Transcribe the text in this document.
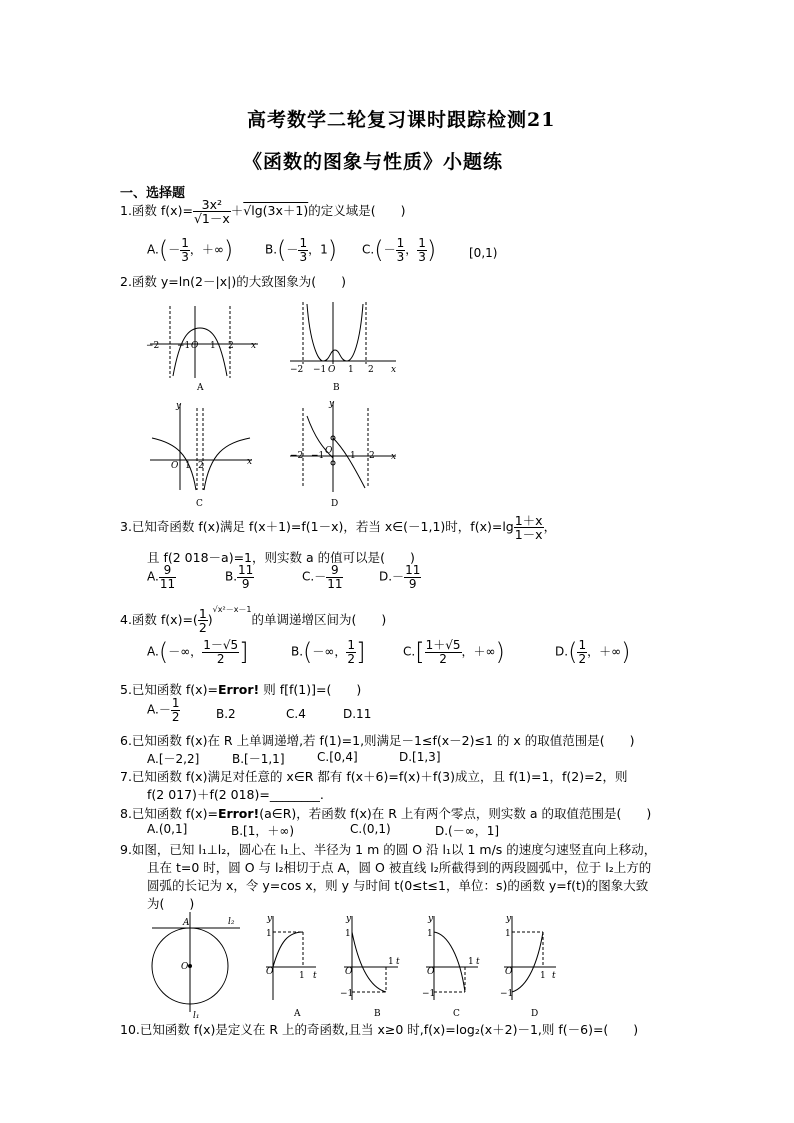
高考数学二轮复习课时跟踪检测21
《函数的图象与性质》小题练
一、选择题
1.函数 $f(x)= \frac{\text{3x²}}{√1-x} +√\lg(3x+1)$的定义域是(　　)
$A.(- \frac{1}{3}$ ，＋∞)	$B.(- \frac{1}{3}$ ，1) $C.(- \frac{1}{3}$ ， $\frac{1}{3}$ )	[0,1)
2.函数 y=ln(2－|x|)的大致图象为(　　)
−2 −1 O 1 2 x
A
−2 −1 O 1 2 x
B
O 1 2	x
y
C
−2 −1 O 1 2 x
y
D
3.已知奇函数 f(x)满足 f(x＋1)=f(1－x)，若当 x∈(－1,1)时，$f(x)=\lg \frac{1+x}{1-x}$ ，
且 f(2 018－a)=1，则实数 a 的值可以是(　　)
A. $\frac{9}{11}$	B. $\frac{11}{9}$	$C.- \frac{9}{11}$	$D.- \frac{11}{9}$
4.函数 $f(x)=( \frac{1}{2} )^{√x^2-x-1}$的单调递增区间为(　　)
A.(－∞， $\frac{1-√5}{2}$ ]	B.(－∞， $\frac{1}{2}$ ]	$C.[ \frac{1+√5}{2}$ ，＋∞)	$D.( \frac{1}{2}$ ，＋∞)
5.已知函数 f(x)=Error! 则 f[f(1)]=(　　)
$A.- \frac{1}{2}$	B.2	C.4	D.11
6.已知函数 f(x)在 R 上单调递增,若 f(1)=1,则满足－1≤f(x－2)≤1 的 x 的取值范围是(　　)
A.[－2,2]	B.[－1,1]	C.[0,4]	D.[1,3]
7.已知函数 f(x)满足对任意的 x∈R 都有 f(x＋6)=f(x)＋f(3)成立，且 f(1)=1，f(2)=2，则
f(2 017)＋f(2 018)=________.
8.已知函数 f(x)=Error!(a∈R)，若函数 f(x)在 R 上有两个零点，则实数 a 的取值范围是(　　)
A.(0,1]	B.[1，＋∞)	C.(0,1)	D.(－∞，1]
9.如图，已知 l₁⊥l₂，圆心在 l₁上、半径为 1 m 的圆 O 沿 l₁以 1 m/s 的速度匀速竖直向上移动，
且在 t=0 时，圆 O 与 l₂相切于点 A，圆 O 被直线 l₂所截得到的两段圆弧中，位于 l₂上方的
圆弧的长记为 x，令 y=cos x，则 y 与时间 t(0≤t≤1，单位：s)的函数 y=f(t)的图象大致
为(　　)
A	l₂
O
l₁
y
1
O	1 t
A
y
1
O
−1
1 t
B
y
1
O
−1
1 t
C
y
1
O
−1
1 t
D
10.已知函数 f(x)是定义在 R 上的奇函数,且当 x≥0 时,f(x)=log₂(x＋2)－1,则 f(－6)=(　　)
